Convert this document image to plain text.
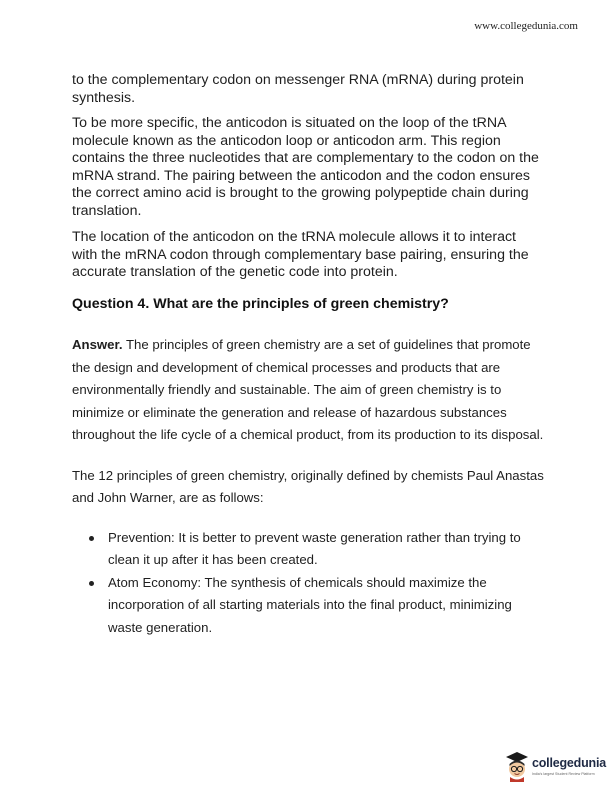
www.collegedunia.com

to the complementary codon on messenger RNA (mRNA) during protein synthesis.

To be more specific, the anticodon is situated on the loop of the tRNA molecule known as the anticodon loop or anticodon arm. This region contains the three nucleotides that are complementary to the codon on the mRNA strand. The pairing between the anticodon and the codon ensures the correct amino acid is brought to the growing polypeptide chain during translation.

The location of the anticodon on the tRNA molecule allows it to interact with the mRNA codon through complementary base pairing, ensuring the accurate translation of the genetic code into protein.

Question 4. What are the principles of green chemistry?

Answer. The principles of green chemistry are a set of guidelines that promote the design and development of chemical processes and products that are environmentally friendly and sustainable. The aim of green chemistry is to minimize or eliminate the generation and release of hazardous substances throughout the life cycle of a chemical product, from its production to its disposal.

The 12 principles of green chemistry, originally defined by chemists Paul Anastas and John Warner, are as follows:

Prevention: It is better to prevent waste generation rather than trying to clean it up after it has been created.
Atom Economy: The synthesis of chemicals should maximize the incorporation of all starting materials into the final product, minimizing waste generation.
collegedunia
India's largest Student Review Platform
